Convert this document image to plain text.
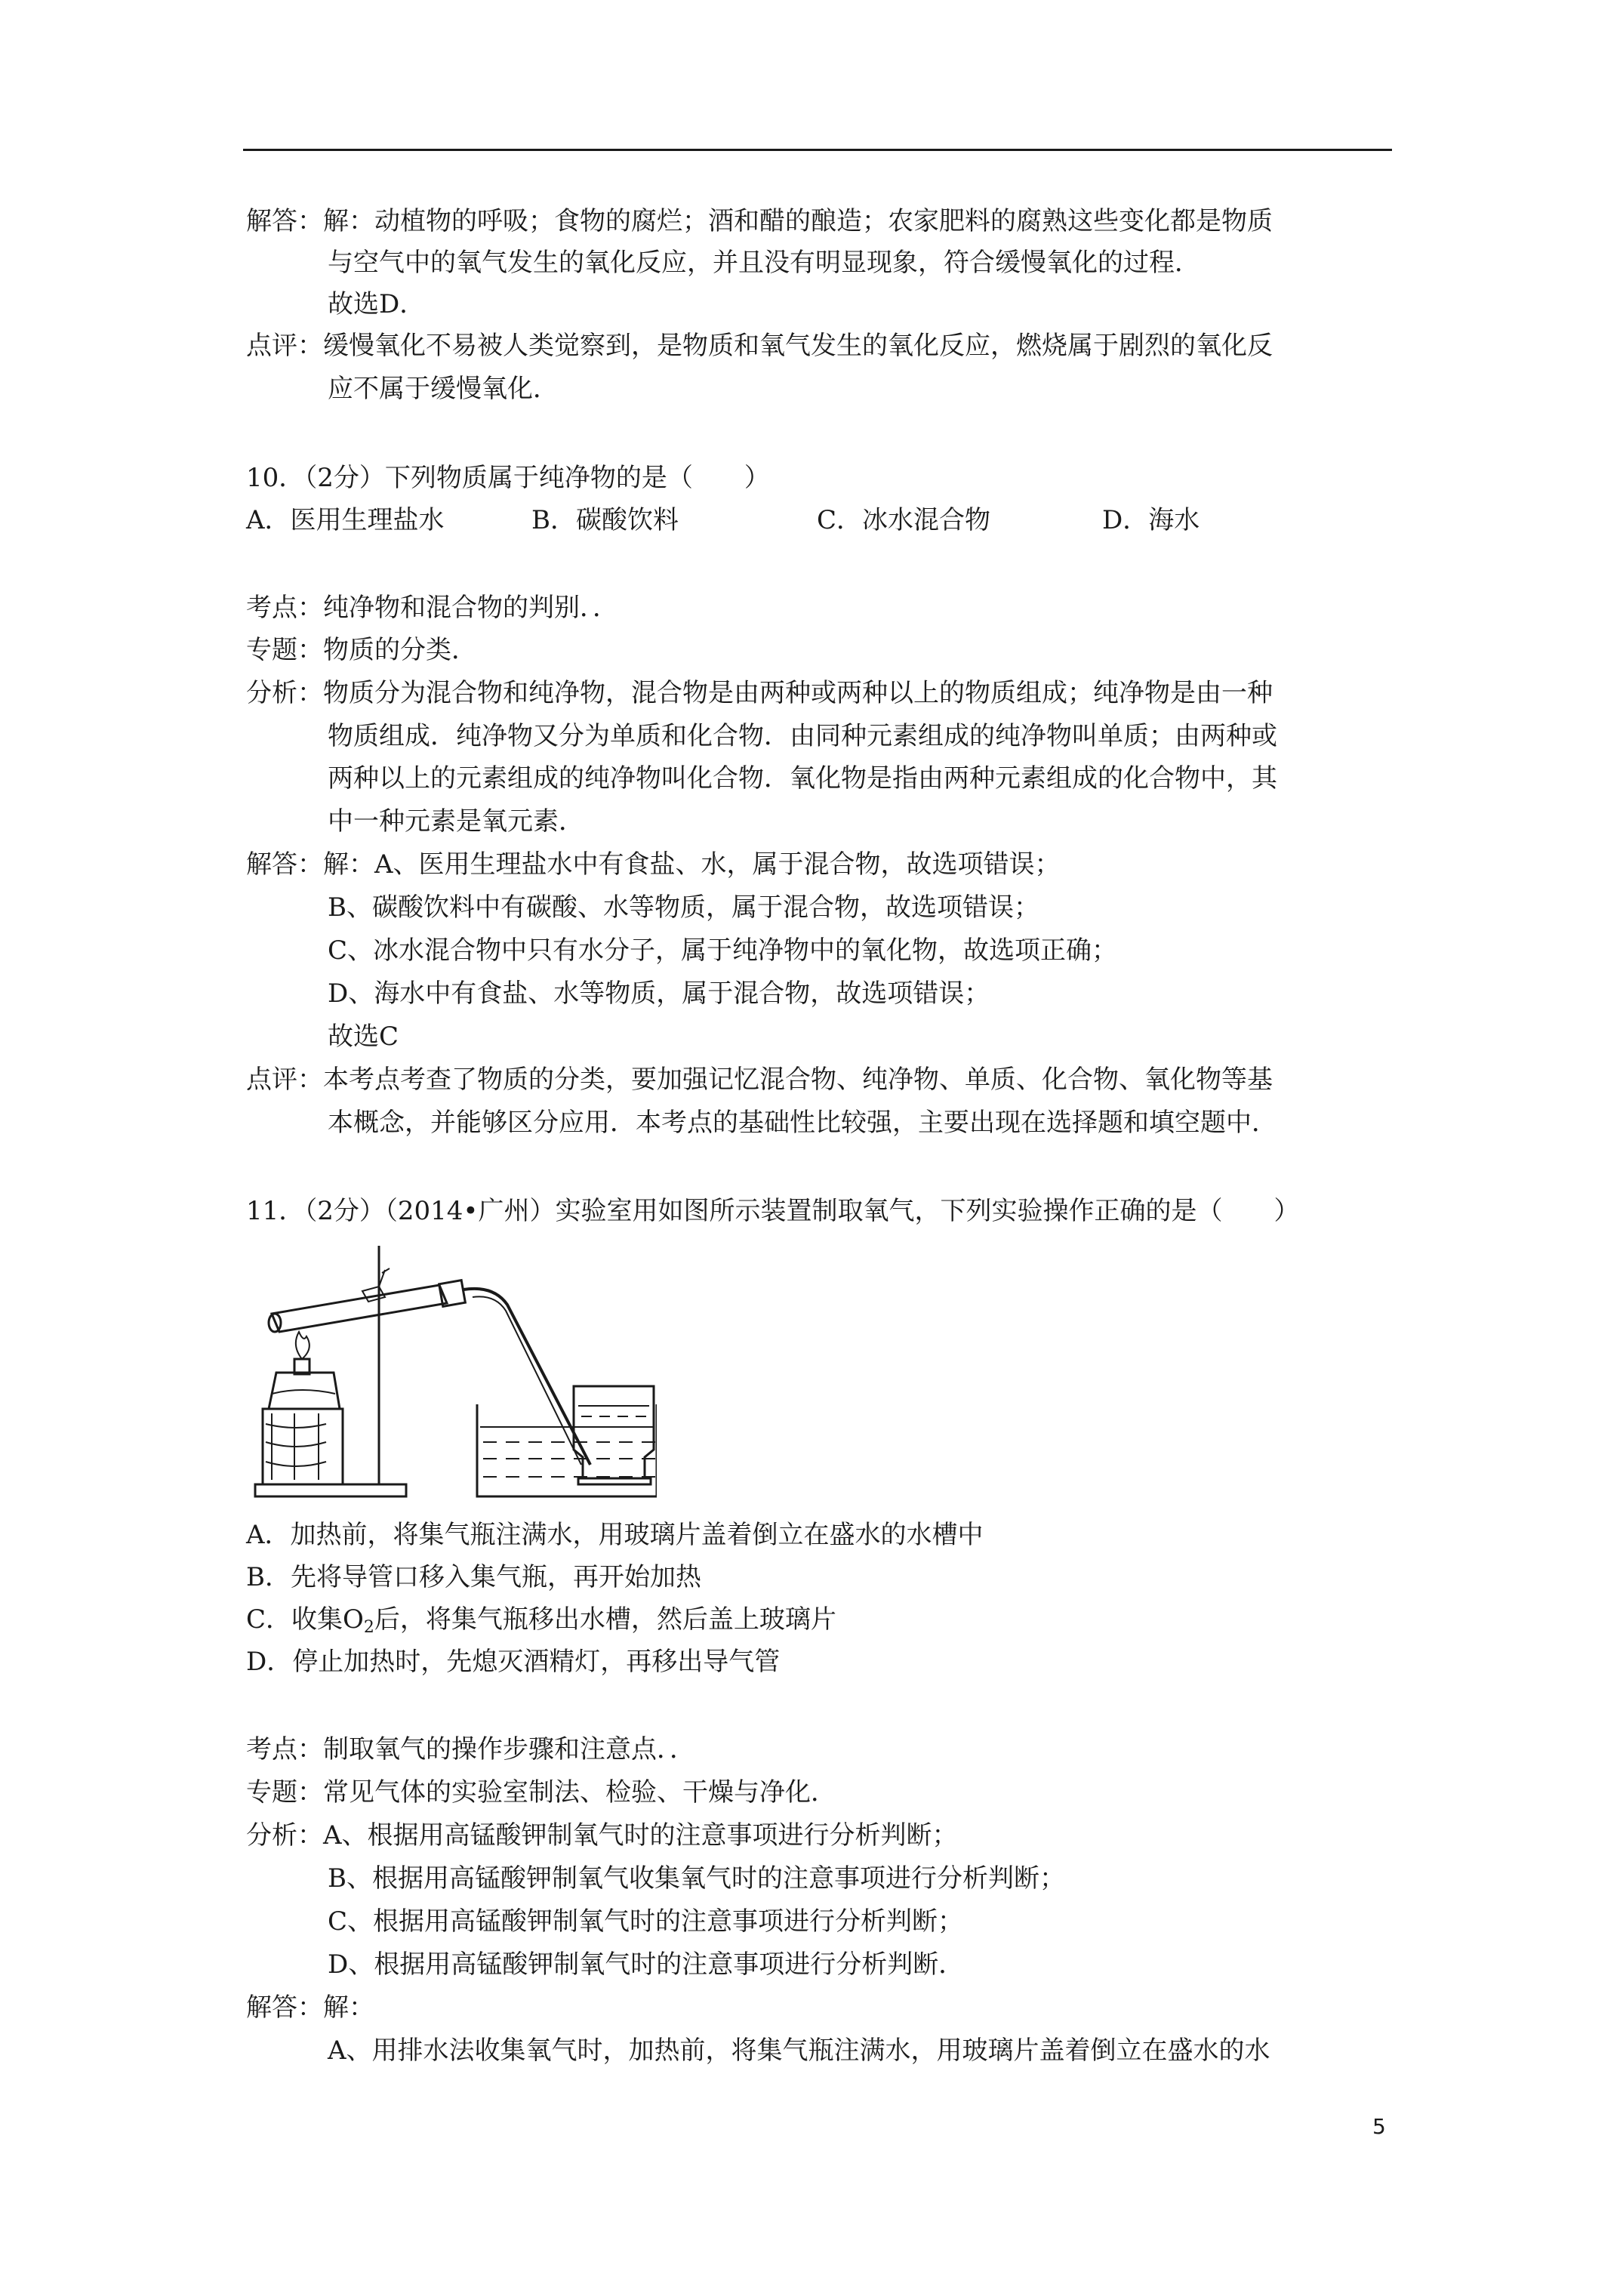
解答：解：动植物的呼吸；食物的腐烂；酒和醋的酿造；农家肥料的腐熟这些变化都是物质
与空气中的氧气发生的氧化反应，并且没有明显现象，符合缓慢氧化的过程．
故选D．
点评：缓慢氧化不易被人类觉察到，是物质和氧气发生的氧化反应，燃烧属于剧烈的氧化反
应不属于缓慢氧化．
10．（2分）下列物质属于纯净物的是（　　）
A．医用生理盐水	B．碳酸饮料	C．冰水混合物	D．海水
考点：纯净物和混合物的判别．．
专题：物质的分类．
分析：物质分为混合物和纯净物，混合物是由两种或两种以上的物质组成；纯净物是由一种
物质组成．纯净物又分为单质和化合物．由同种元素组成的纯净物叫单质；由两种或
两种以上的元素组成的纯净物叫化合物．氧化物是指由两种元素组成的化合物中，其
中一种元素是氧元素．
解答：解：A、医用生理盐水中有食盐、水，属于混合物，故选项错误；
B、碳酸饮料中有碳酸、水等物质，属于混合物，故选项错误；
C、冰水混合物中只有水分子，属于纯净物中的氧化物，故选项正确；
D、海水中有食盐、水等物质，属于混合物，故选项错误；
故选C
点评：本考点考查了物质的分类，要加强记忆混合物、纯净物、单质、化合物、氧化物等基
本概念，并能够区分应用．本考点的基础性比较强，主要出现在选择题和填空题中．
11．（2分）（2014•广州）实验室用如图所示装置制取氧气，下列实验操作正确的是（　　）
A．加热前，将集气瓶注满水，用玻璃片盖着倒立在盛水的水槽中
B．先将导管口移入集气瓶，再开始加热
C．收集$O_2$后，将集气瓶移出水槽，然后盖上玻璃片
D．停止加热时，先熄灭酒精灯，再移出导气管
考点：制取氧气的操作步骤和注意点．．
专题：常见气体的实验室制法、检验、干燥与净化．
分析：A、根据用高锰酸钾制氧气时的注意事项进行分析判断；
B、根据用高锰酸钾制氧气收集氧气时的注意事项进行分析判断；
C、根据用高锰酸钾制氧气时的注意事项进行分析判断；
D、根据用高锰酸钾制氧气时的注意事项进行分析判断．
解答：解：
A、用排水法收集氧气时，加热前，将集气瓶注满水，用玻璃片盖着倒立在盛水的水
5
